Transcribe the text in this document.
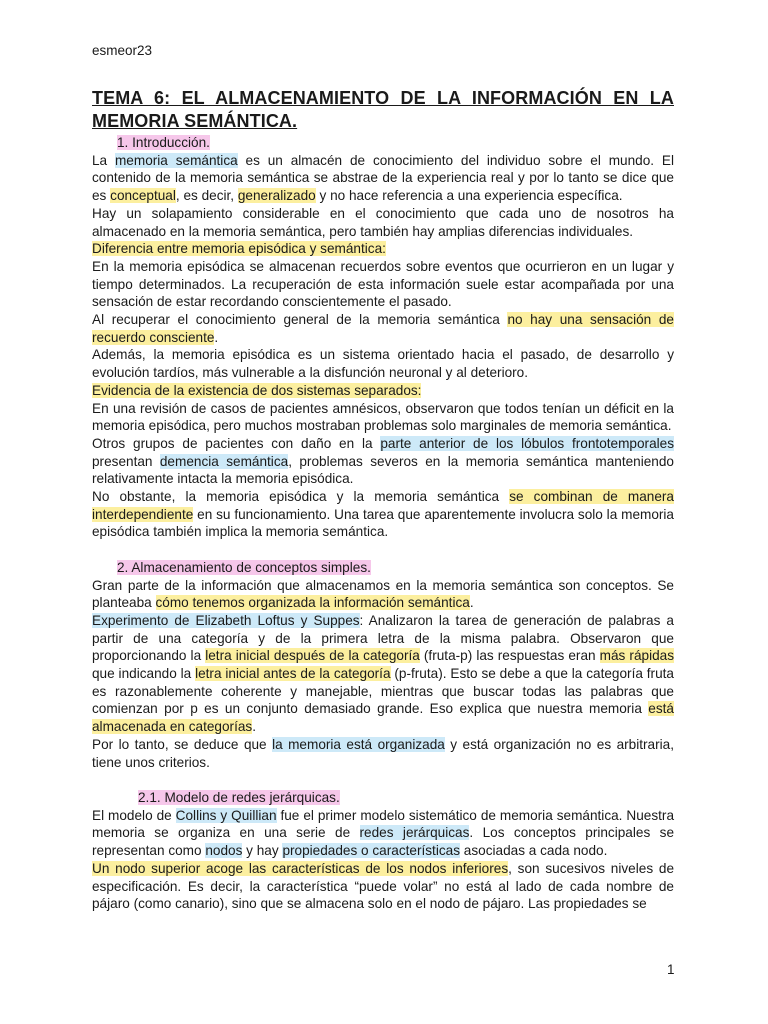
esmeor23
TEMA 6: EL ALMACENAMIENTO DE LA INFORMACIÓN EN LA MEMORIA SEMÁNTICA.

1. Introducción.

La memoria semántica es un almacén de conocimiento del individuo sobre el mundo. El contenido de la memoria semántica se abstrae de la experiencia real y por lo tanto se dice que es conceptual, es decir, generalizado y no hace referencia a una experiencia específica.

Hay un solapamiento considerable en el conocimiento que cada uno de nosotros ha almacenado en la memoria semántica, pero también hay amplias diferencias individuales.

Diferencia entre memoria episódica y semántica:

En la memoria episódica se almacenan recuerdos sobre eventos que ocurrieron en un lugar y tiempo determinados. La recuperación de esta información suele estar acompañada por una sensación de estar recordando conscientemente el pasado.

Al recuperar el conocimiento general de la memoria semántica no hay una sensación de recuerdo consciente.

Además, la memoria episódica es un sistema orientado hacia el pasado, de desarrollo y evolución tardíos, más vulnerable a la disfunción neuronal y al deterioro.

Evidencia de la existencia de dos sistemas separados:

En una revisión de casos de pacientes amnésicos, observaron que todos tenían un déficit en la memoria episódica, pero muchos mostraban problemas solo marginales de memoria semántica.

Otros grupos de pacientes con daño en la parte anterior de los lóbulos frontotemporales presentan demencia semántica, problemas severos en la memoria semántica manteniendo relativamente intacta la memoria episódica.

No obstante, la memoria episódica y la memoria semántica se combinan de manera interdependiente en su funcionamiento. Una tarea que aparentemente involucra solo la memoria episódica también implica la memoria semántica.

2. Almacenamiento de conceptos simples.

Gran parte de la información que almacenamos en la memoria semántica son conceptos. Se planteaba cómo tenemos organizada la información semántica.

Experimento de Elizabeth Loftus y Suppes: Analizaron la tarea de generación de palabras a partir de una categoría y de la primera letra de la misma palabra. Observaron que proporcionando la letra inicial después de la categoría (fruta-p) las respuestas eran más rápidas que indicando la letra inicial antes de la categoría (p-fruta). Esto se debe a que la categoría fruta es razonablemente coherente y manejable, mientras que buscar todas las palabras que comienzan por p es un conjunto demasiado grande. Eso explica que nuestra memoria está almacenada en categorías.

Por lo tanto, se deduce que la memoria está organizada y está organización no es arbitraria, tiene unos criterios.

2.1. Modelo de redes jerárquicas.

El modelo de Collins y Quillian fue el primer modelo sistemático de memoria semántica. Nuestra memoria se organiza en una serie de redes jerárquicas. Los conceptos principales se representan como nodos y hay propiedades o características asociadas a cada nodo.

Un nodo superior acoge las características de los nodos inferiores, son sucesivos niveles de especificación. Es decir, la característica “puede volar” no está al lado de cada nombre de pájaro (como canario), sino que se almacena solo en el nodo de pájaro. Las propiedades se

1
